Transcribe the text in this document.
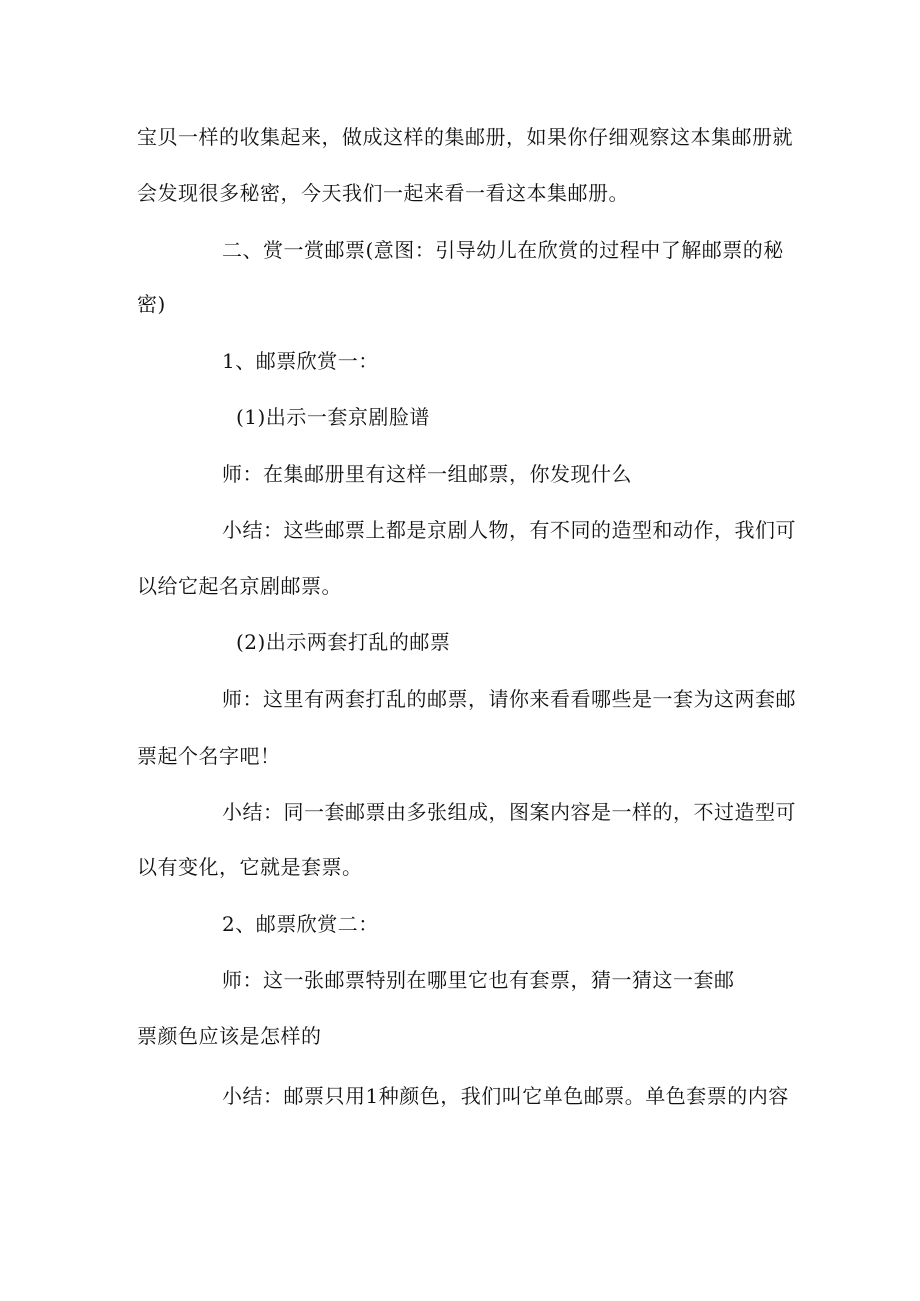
宝贝一样的收集起来，做成这样的集邮册，如果你仔细观察这本集邮册就
会发现很多秘密，今天我们一起来看一看这本集邮册。
二、赏一赏邮票(意图：引导幼儿在欣赏的过程中了解邮票的秘
密)
1、邮票欣赏一：
(1)出示一套京剧脸谱
师：在集邮册里有这样一组邮票，你发现什么
小结：这些邮票上都是京剧人物，有不同的造型和动作，我们可
以给它起名京剧邮票。
(2)出示两套打乱的邮票
师：这里有两套打乱的邮票，请你来看看哪些是一套为这两套邮
票起个名字吧！
小结：同一套邮票由多张组成，图案内容是一样的，不过造型可
以有变化，它就是套票。
2、邮票欣赏二：
师：这一张邮票特别在哪里它也有套票，猜一猜这一套邮
票颜色应该是怎样的
小结：邮票只用1种颜色，我们叫它单色邮票。单色套票的内容
